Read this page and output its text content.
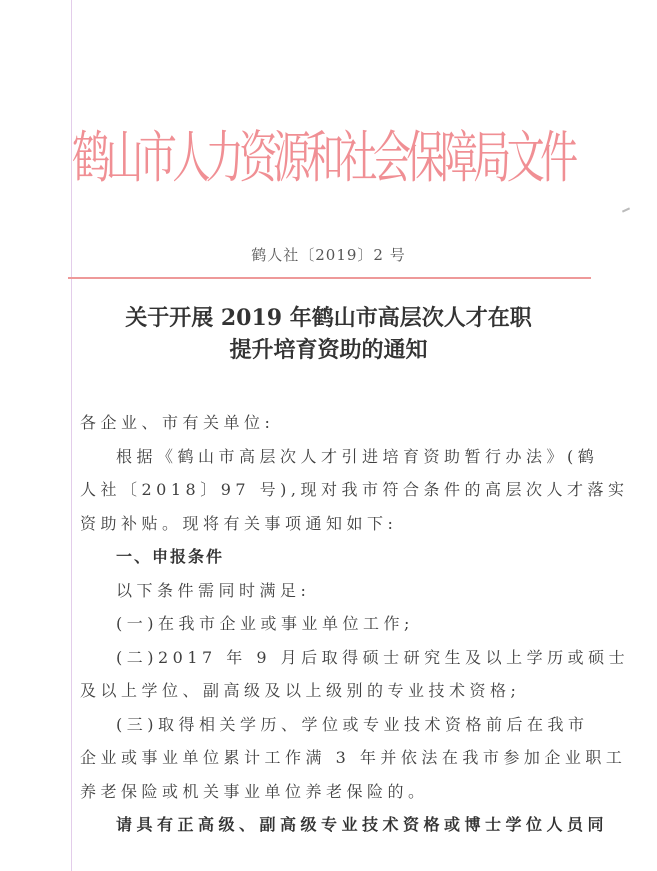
鹤山市人力资源和社会保障局文件
鹤人社〔2019〕2 号
关于开展 2019 年鹤山市高层次人才在职
提升培育资助的通知

各企业、市有关单位:

根据《鹤山市高层次人才引进培育资助暂行办法》(鹤

人社〔2018〕97 号),现对我市符合条件的高层次人才落实

资助补贴。现将有关事项通知如下:

一、申报条件

以下条件需同时满足:

(一)在我市企业或事业单位工作;

(二)2017 年 9 月后取得硕士研究生及以上学历或硕士

及以上学位、副高级及以上级别的专业技术资格;

(三)取得相关学历、学位或专业技术资格前后在我市

企业或事业单位累计工作满 3 年并依法在我市参加企业职工

养老保险或机关事业单位养老保险的。

请具有正高级、副高级专业技术资格或博士学位人员同
